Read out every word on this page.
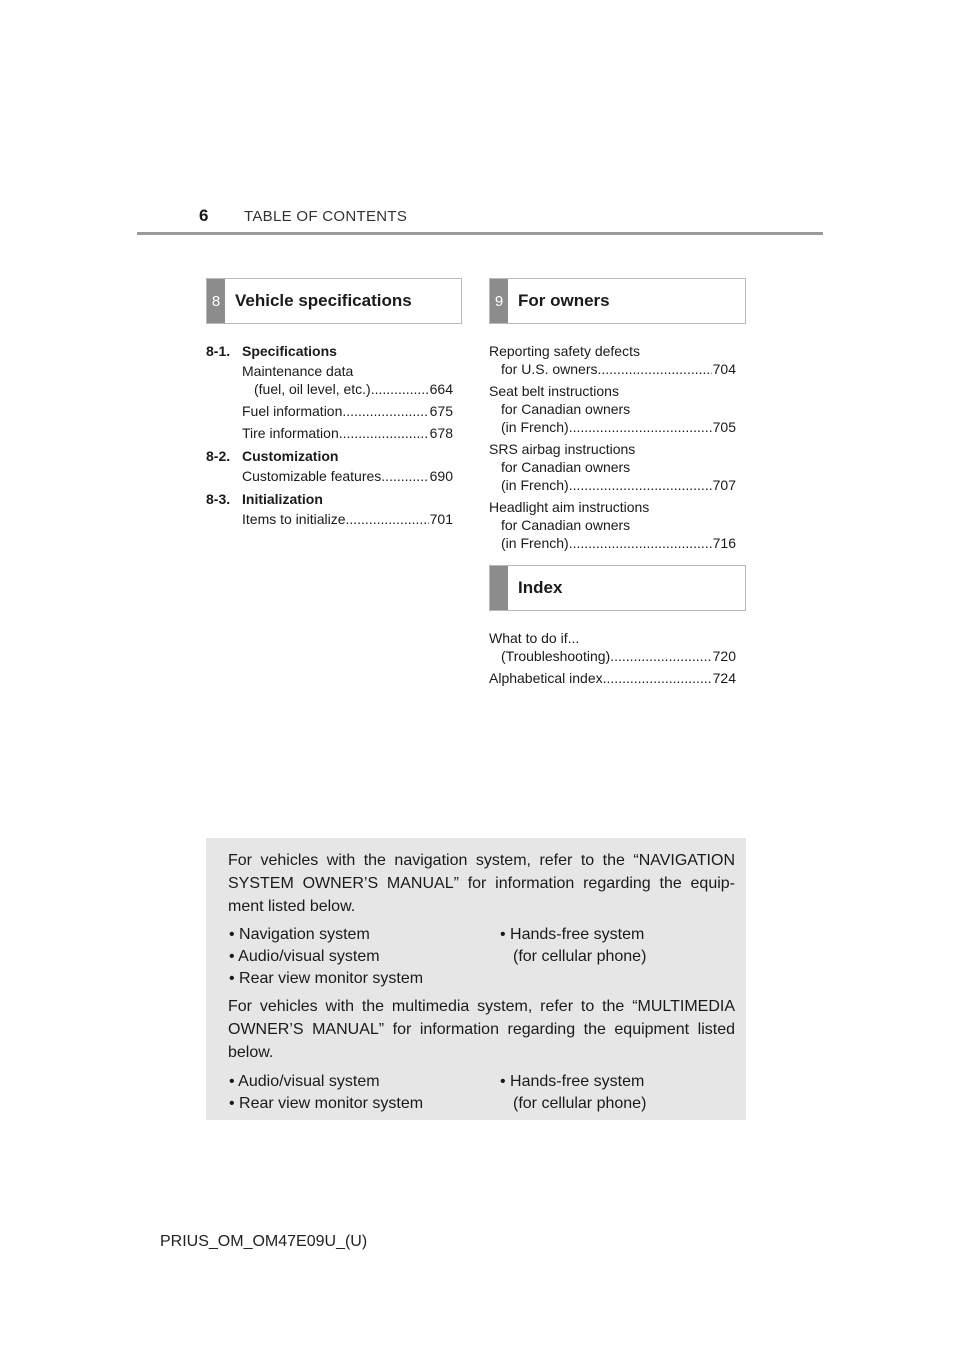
6 TABLE OF CONTENTS
8 Vehicle specifications	9 For owners
8-1. Specifications
Maintenance data
(fuel, oil level, etc.) .....	664
Fuel information .....	675
Tire information .....	678
8-2. Customization
Customizable features .....	690
8-3. Initialization
Items to initialize .....	701
Reporting safety defects
for U.S. owners .....	704
Seat belt instructions
for Canadian owners
(in French) .....	705
SRS airbag instructions
for Canadian owners
(in French) .....	707
Headlight aim instructions
for Canadian owners
(in French) .....	716
Index
What to do if...
(Troubleshooting) .....	720
Alphabetical index .....	724
For vehicles with the navigation system, refer to the “NAVIGATION SYSTEM OWNER’S MANUAL” for information regarding the equip- ment listed below.
• Navigation system
• Audio/visual system
• Rear view monitor system
• Hands-free system
(for cellular phone)
For vehicles with the multimedia system, refer to the “MULTIMEDIA OWNER’S MANUAL” for information regarding the equipment listed below.
• Audio/visual system
• Rear view monitor system
• Hands-free system
(for cellular phone)
PRIUS_OM_OM47E09U_(U)
